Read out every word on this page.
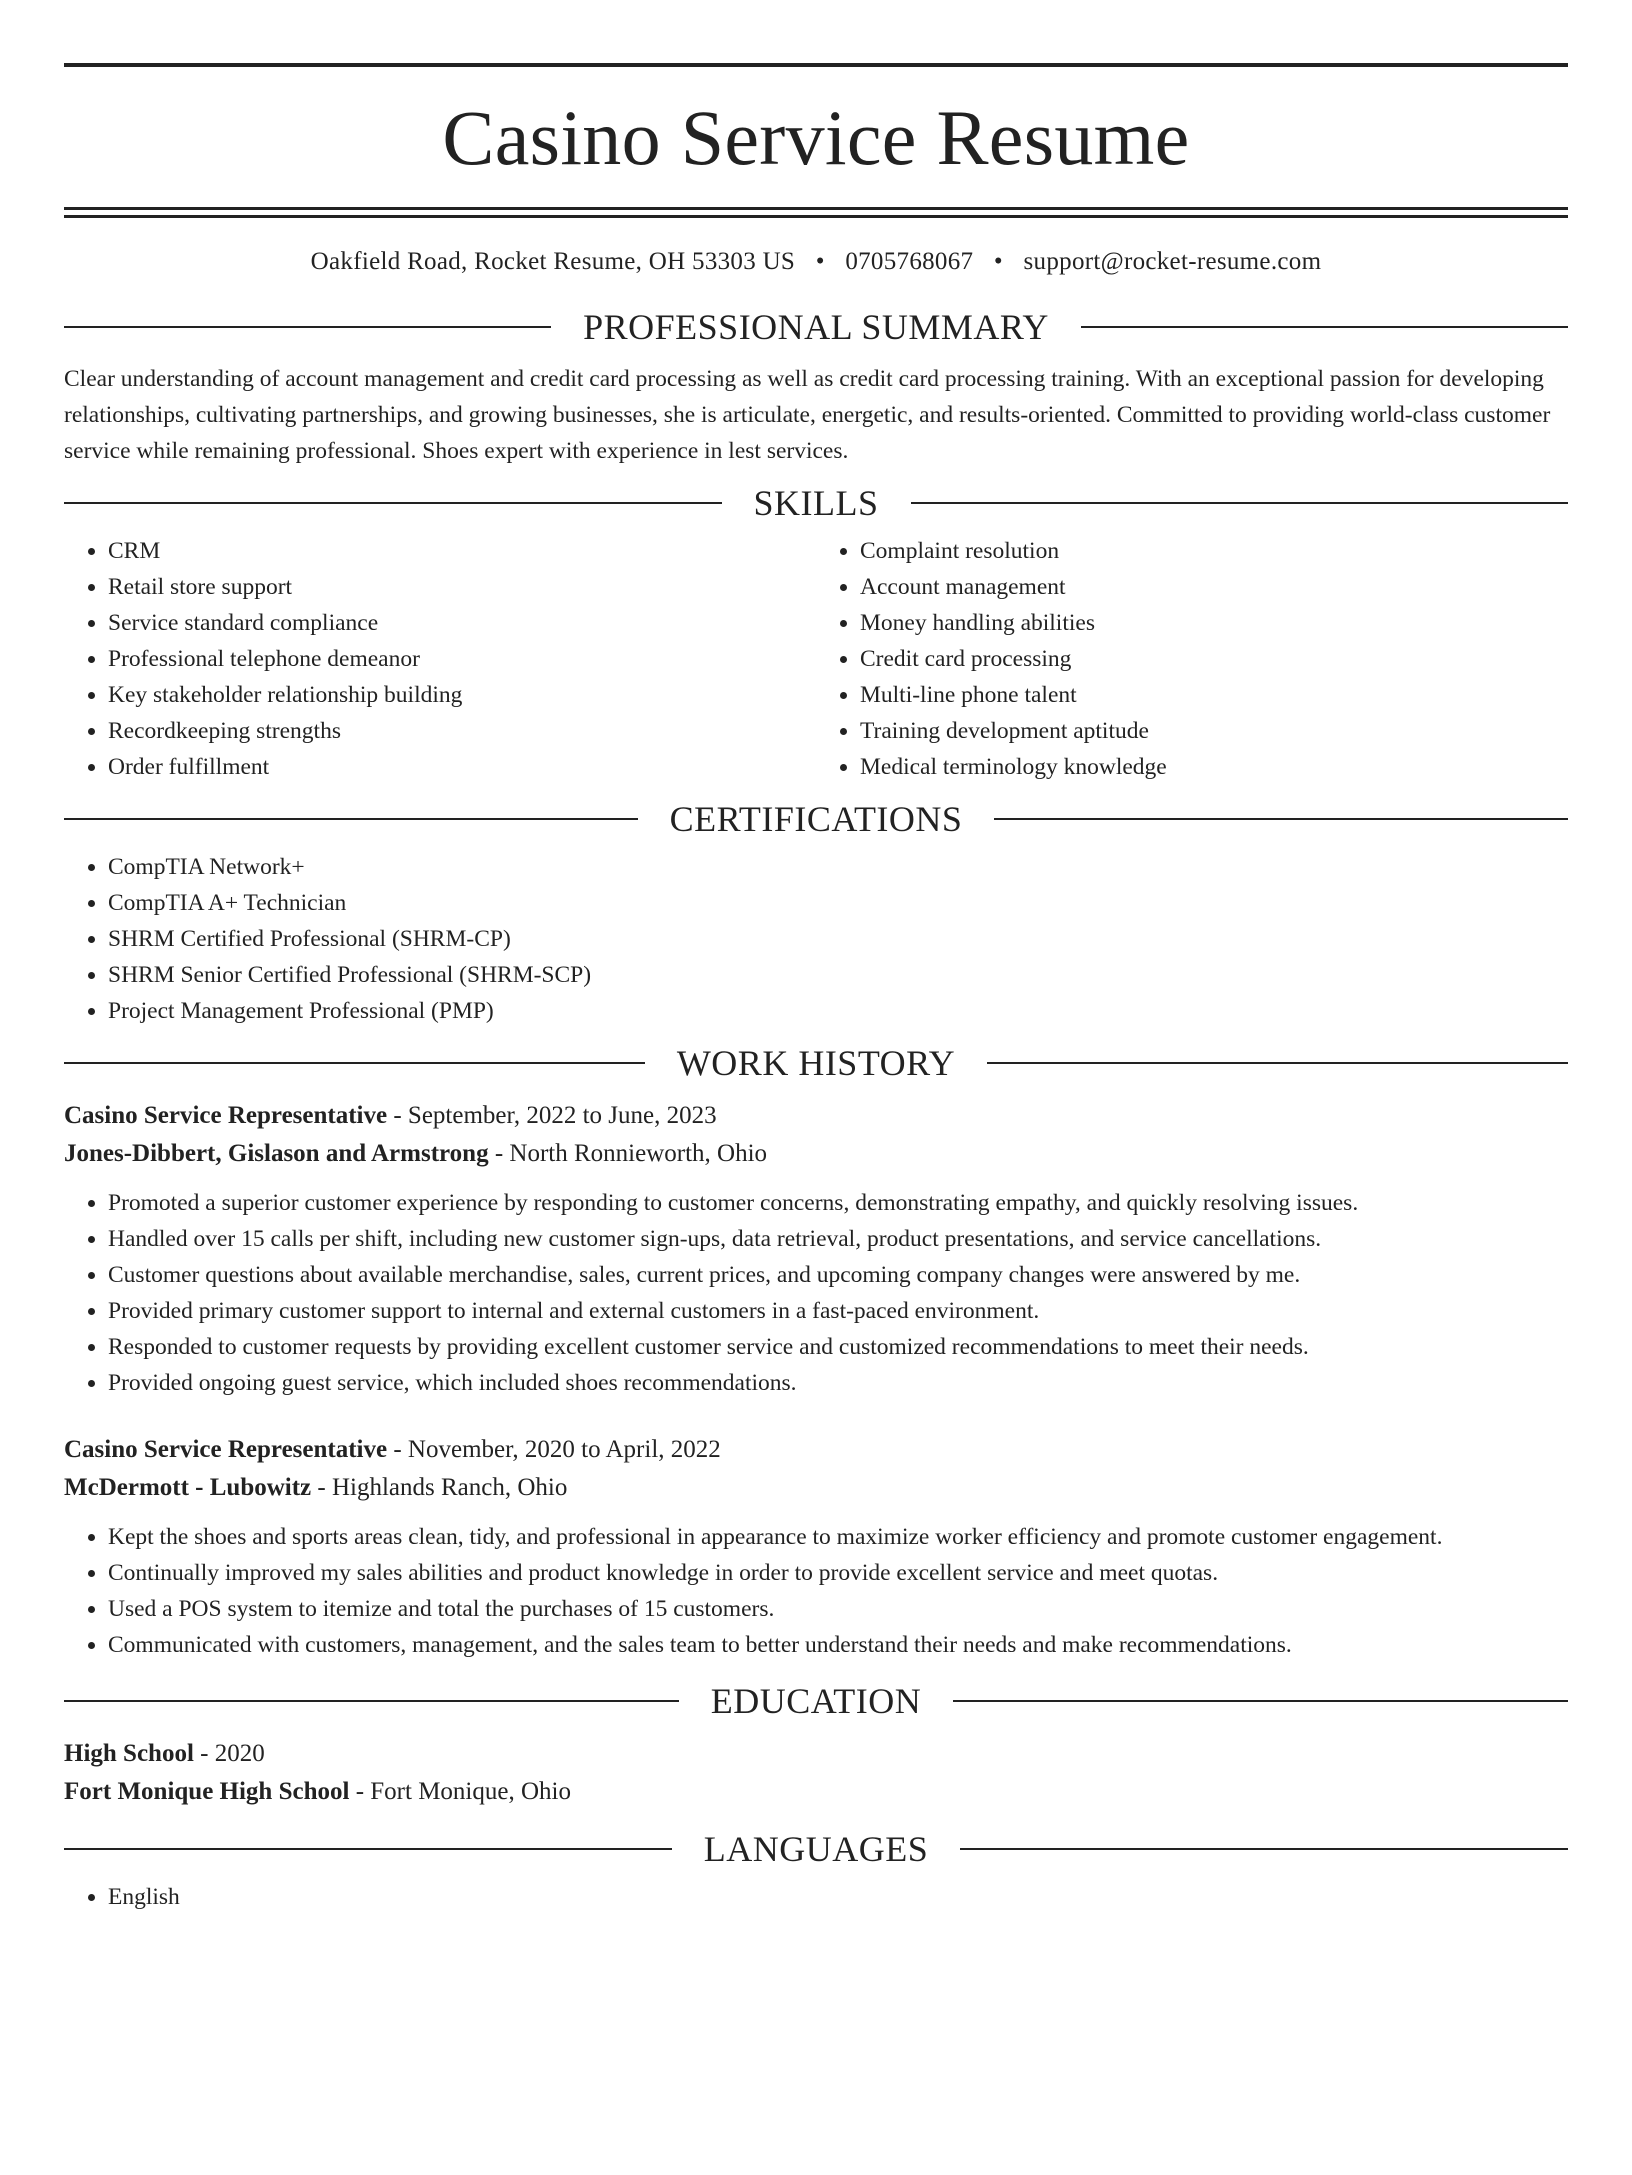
Casino Service Resume
Oakfield Road, Rocket Resume, OH 53303 US • 0705768067 • support@rocket-resume.com
PROFESSIONAL SUMMARY

Clear understanding of account management and credit card processing as well as credit card processing training. With an exceptional passion for developing relationships, cultivating partnerships, and growing businesses, she is articulate, energetic, and results-oriented. Committed to providing world-class customer service while remaining professional. Shoes expert with experience in lest services.

SKILLS
• CRM
• Retail store support
• Service standard compliance
• Professional telephone demeanor
• Key stakeholder relationship building
• Recordkeeping strengths
• Order fulfillment
• Complaint resolution
• Account management
• Money handling abilities
• Credit card processing
• Multi-line phone talent
• Training development aptitude
• Medical terminology knowledge
CERTIFICATIONS
• CompTIA Network+
• CompTIA A+ Technician
• SHRM Certified Professional (SHRM-CP)
• SHRM Senior Certified Professional (SHRM-SCP)
• Project Management Professional (PMP)
WORK HISTORY
Casino Service Representative - September, 2022 to June, 2023
Jones-Dibbert, Gislason and Armstrong - North Ronnieworth, Ohio
• Promoted a superior customer experience by responding to customer concerns, demonstrating empathy, and quickly resolving issues.
• Handled over 15 calls per shift, including new customer sign-ups, data retrieval, product presentations, and service cancellations.
• Customer questions about available merchandise, sales, current prices, and upcoming company changes were answered by me.
• Provided primary customer support to internal and external customers in a fast-paced environment.
• Responded to customer requests by providing excellent customer service and customized recommendations to meet their needs.
• Provided ongoing guest service, which included shoes recommendations.
Casino Service Representative - November, 2020 to April, 2022
McDermott - Lubowitz - Highlands Ranch, Ohio
• Kept the shoes and sports areas clean, tidy, and professional in appearance to maximize worker efficiency and promote customer engagement.
• Continually improved my sales abilities and product knowledge in order to provide excellent service and meet quotas.
• Used a POS system to itemize and total the purchases of 15 customers.
• Communicated with customers, management, and the sales team to better understand their needs and make recommendations.
EDUCATION
High School - 2020
Fort Monique High School - Fort Monique, Ohio
LANGUAGES
• English
